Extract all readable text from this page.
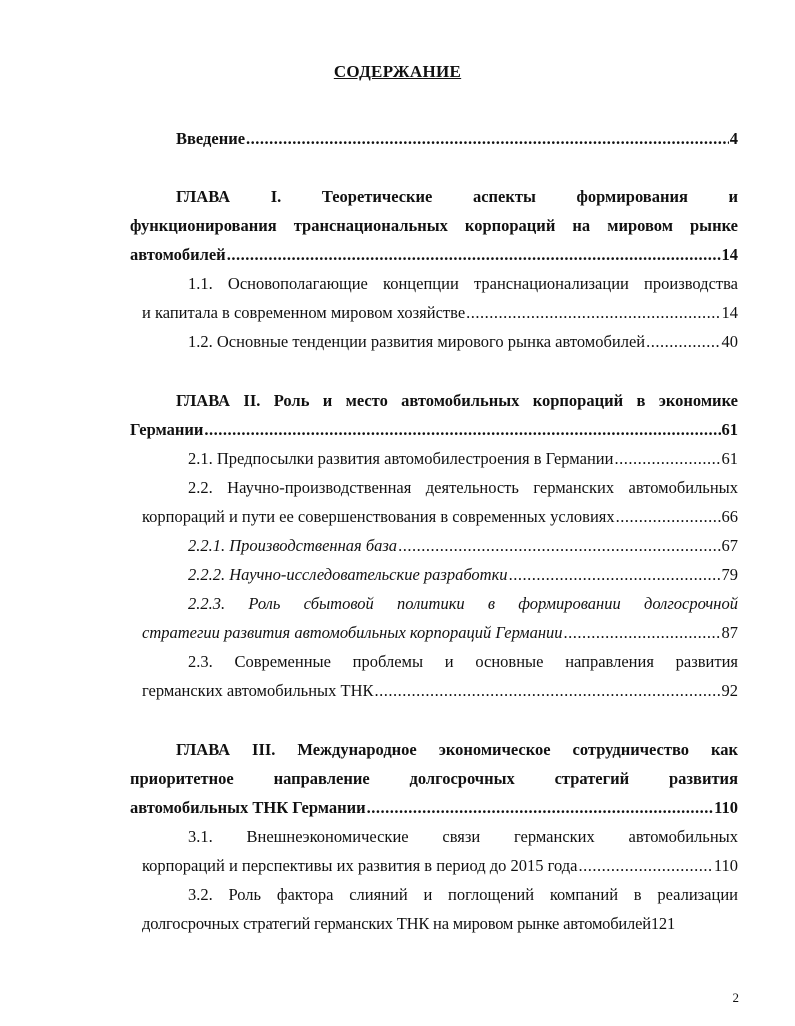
СОДЕРЖАНИЕ
Введение .....	4
ГЛАВА I. Теоретические аспекты формирования и
функционирования транснациональных корпораций на мировом рынке
автомобилей .....	14
1.1. Основополагающие концепции транснационализации производства
и капитала в современном мировом хозяйстве .....	14
1.2. Основные тенденции развития мирового рынка автомобилей .....	40
ГЛАВА II. Роль и место автомобильных корпораций в экономике
Германии .....	61
2.1. Предпосылки развития автомобилестроения в Германии .....	61
2.2. Научно-производственная деятельность германских автомобильных
корпораций и пути ее совершенствования в современных условиях .....	66
2.2.1. Производственная база .....	67
2.2.2. Научно-исследовательские разработки .....	79
2.2.3. Роль сбытовой политики в формировании долгосрочной
стратегии развития автомобильных корпораций Германии .....	87
2.3. Современные проблемы и основные направления развития
германских автомобильных ТНК .....	92
ГЛАВА III. Международное экономическое сотрудничество как
приоритетное направление долгосрочных стратегий развития
автомобильных ТНК Германии .....	110
3.1. Внешнеэкономические связи германских автомобильных
корпораций и перспективы их развития в период до 2015 года .....	110
3.2. Роль фактора слияний и поглощений компаний в реализации
долгосрочных стратегий германских ТНК на мировом рынке автомобилей 121
2
